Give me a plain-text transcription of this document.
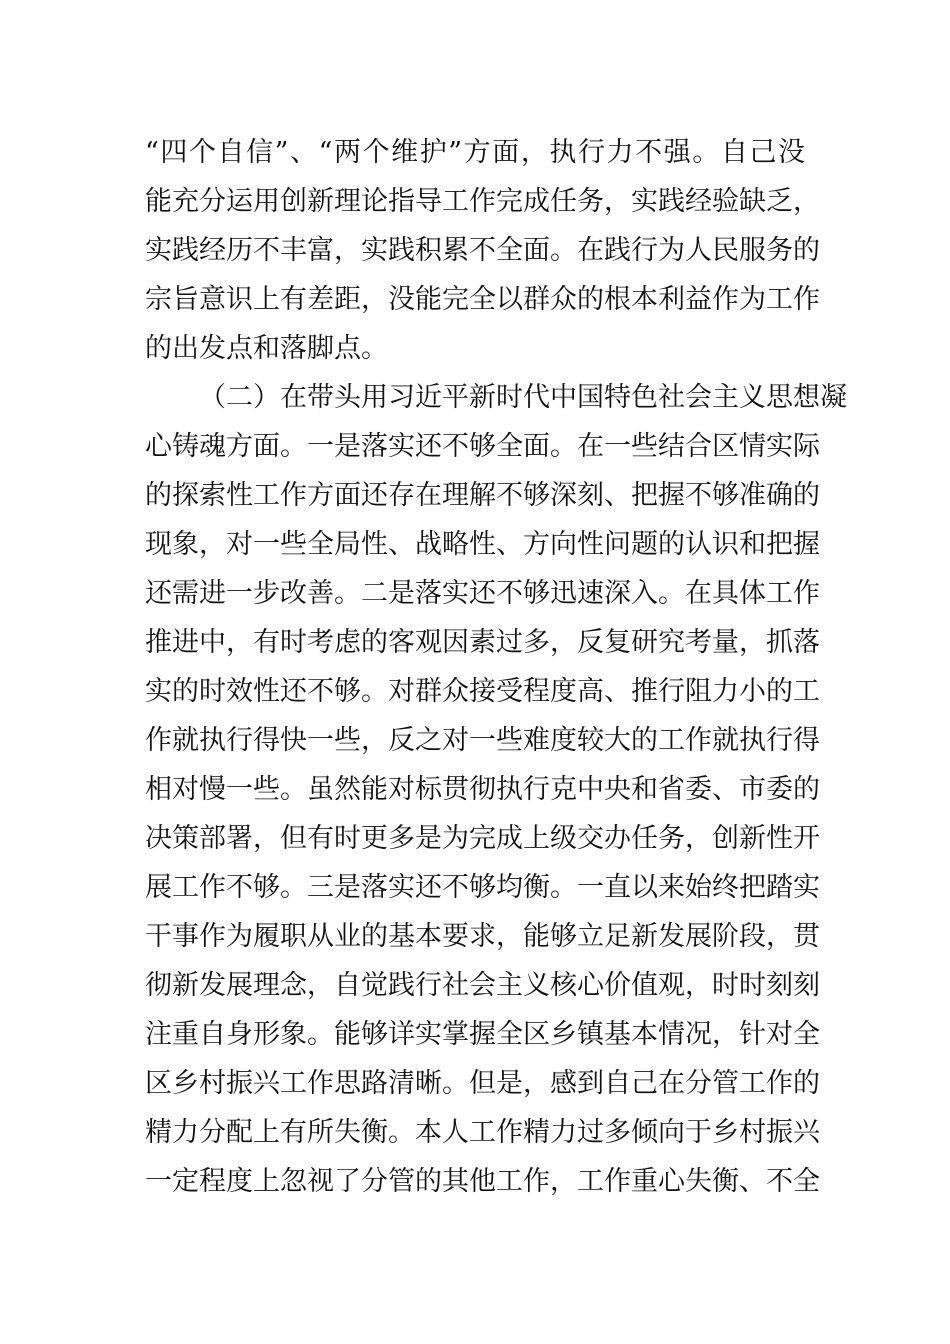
“四个自信”、“两个维护”方面，执行力不强。自己没
能充分运用创新理论指导工作完成任务，实践经验缺乏，
实践经历不丰富，实践积累不全面。在践行为人民服务的
宗旨意识上有差距，没能完全以群众的根本利益作为工作
的出发点和落脚点。
（二）在带头用习近平新时代中国特色社会主义思想凝
心铸魂方面。一是落实还不够全面。在一些结合区情实际
的探索性工作方面还存在理解不够深刻、把握不够准确的
现象，对一些全局性、战略性、方向性问题的认识和把握
还需进一步改善。二是落实还不够迅速深入。在具体工作
推进中，有时考虑的客观因素过多，反复研究考量，抓落
实的时效性还不够。对群众接受程度高、推行阻力小的工
作就执行得快一些，反之对一些难度较大的工作就执行得
相对慢一些。虽然能对标贯彻执行克中央和省委、市委的
决策部署，但有时更多是为完成上级交办任务，创新性开
展工作不够。三是落实还不够均衡。一直以来始终把踏实
干事作为履职从业的基本要求，能够立足新发展阶段，贯
彻新发展理念，自觉践行社会主义核心价值观，时时刻刻
注重自身形象。能够详实掌握全区乡镇基本情况，针对全
区乡村振兴工作思路清晰。但是，感到自己在分管工作的
精力分配上有所失衡。本人工作精力过多倾向于乡村振兴
一定程度上忽视了分管的其他工作，工作重心失衡、不全
